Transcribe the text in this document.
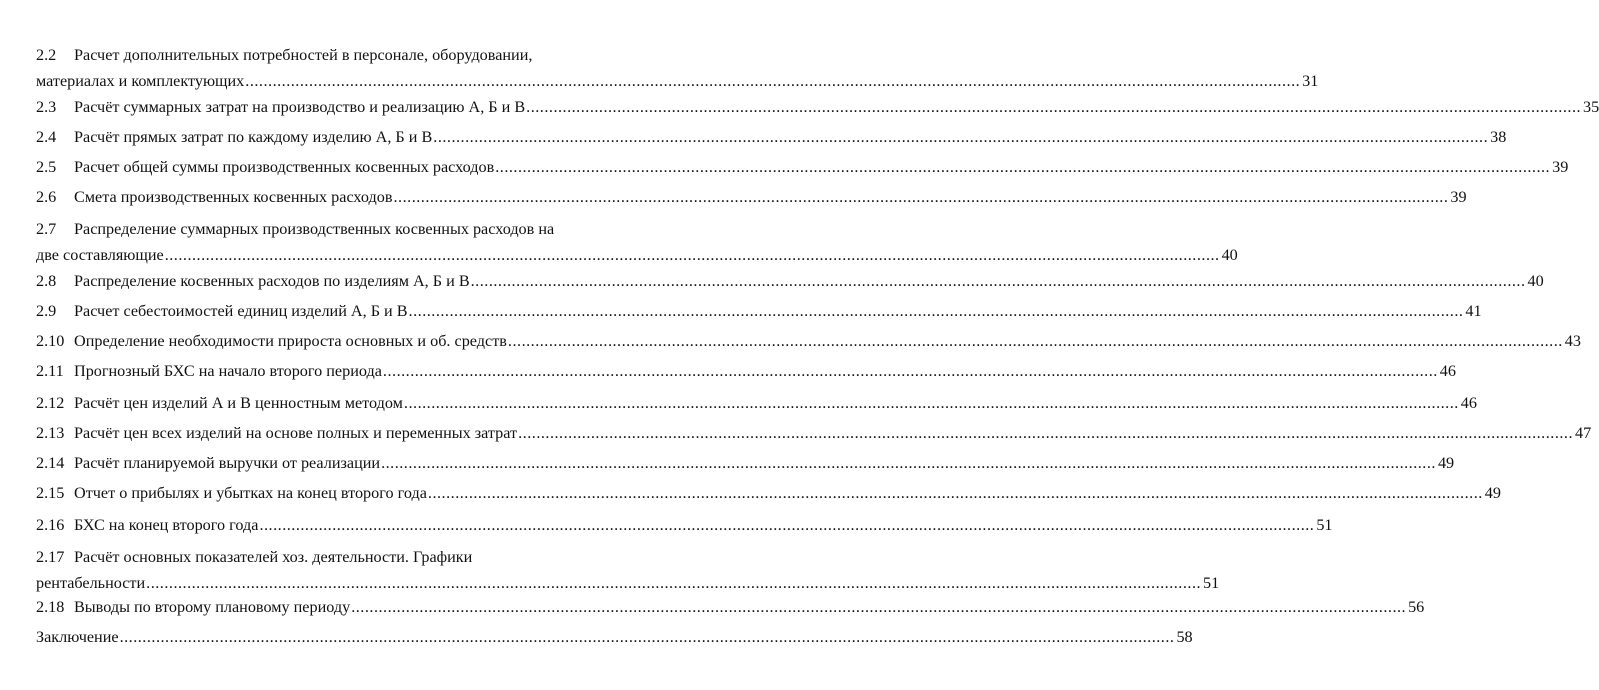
2.2	Расчет дополнительных потребностей в персонале, оборудовании,
материалах и комплектующих .....	31
2.3	Расчёт суммарных затрат на производство и реализацию А, Б и В .....	35
2.4	Расчёт прямых затрат по каждому изделию А, Б и В .....	38
2.5	Расчет общей суммы производственных косвенных расходов .....	39
2.6	Смета производственных косвенных расходов .....	39
2.7	Распределение суммарных производственных косвенных расходов на
две составляющие .....	40
2.8	Распределение косвенных расходов по изделиям А, Б и В .....	40
2.9	Расчет себестоимостей единиц изделий А, Б и В .....	41
2.10 Определение необходимости прироста основных и об. средств .....	43
2.11 Прогнозный БХС на начало второго периода .....	46
2.12 Расчёт цен изделий А и В ценностным методом .....	46
2.13 Расчёт цен всех изделий на основе полных и переменных затрат .....	47
2.14 Расчёт планируемой выручки от реализации .....	49
2.15 Отчет о прибылях и убытках на конец второго года .....	49
2.16 БХС на конец второго года .....	51
2.17 Расчёт основных показателей хоз. деятельности. Графики
рентабельности .....	51
2.18 Выводы по второму плановому периоду .....	56
Заключение .....	58
